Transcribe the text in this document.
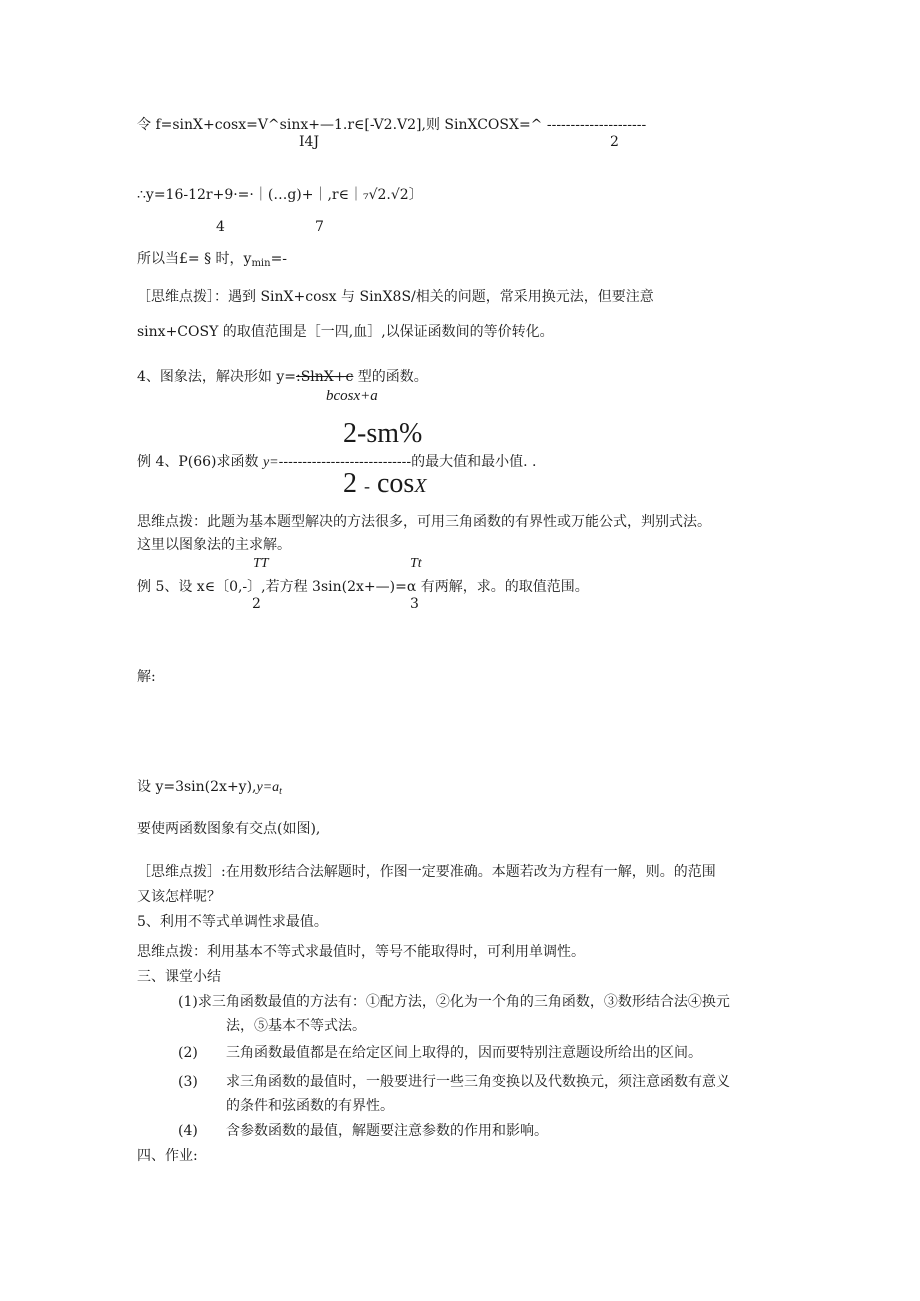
令 f=sinX+cosx=V^sinx+—1.r∈[-V2.V2],则 SinXCOSX=^ ---------------------
I4J	2
∴y=16-12r+9·=·｜(…g)+｜,r∈｜₇√2.√2〕
4	7
所以当£= § 时，$y_{min}=-$
［思维点拨］：遇到 SinX+cosx 与 SinX8S/相关的问题，常采用换元法，但要注意
sinx+COSY 的取值范围是［一四,血］,以保证函数间的等价转化。
4、图象法，解决形如 y=:SlnX+c 型的函数。
bcosx+a
2-sm%
例 4、P(66)求函数 y=----------------------------的最大值和最小值. .
2 - cosX
思维点拨：此题为基本题型解决的方法很多，可用三角函数的有界性或万能公式，判别式法。
这里以图象法的主求解。
TT	Tt
例 5、设 x∈〔0,-〕,若方程 3sin(2x+—)=α 有两解，求。的取值范围。
2	3
解:
设 $y=3\sin(2x+y),y=a_t$
要使两函数图象有交点(如图),
［思维点拨］:在用数形结合法解题时，作图一定要准确。本题若改为方程有一解，则。的范围
又该怎样呢？
5、利用不等式单调性求最值。
思维点拨：利用基本不等式求最值时，等号不能取得时，可利用单调性。
三、课堂小结
(1)求三角函数最值的方法有：①配方法，②化为一个角的三角函数，③数形结合法④换元
法，⑤基本不等式法。
(2) 三角函数最值都是在给定区间上取得的，因而要特别注意题设所给出的区间。
(3) 求三角函数的最值时，一般要进行一些三角变换以及代数换元，须注意函数有意义
的条件和弦函数的有界性。
(4) 含参数函数的最值，解题要注意参数的作用和影响。
四、作业:
